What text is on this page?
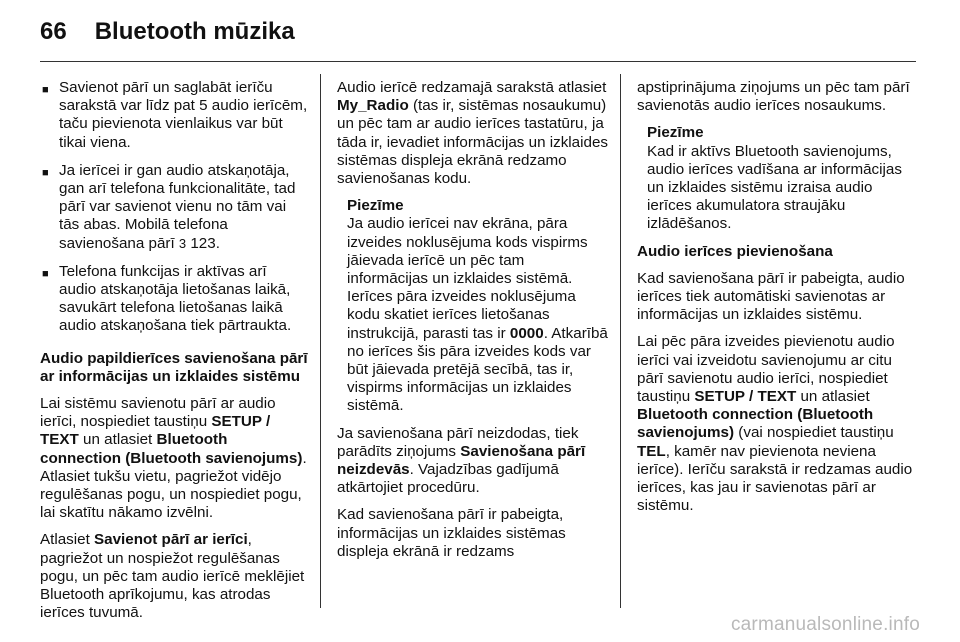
66 Bluetooth mūzika
■ Savienot pārī un saglabāt ierīču sarakstā var līdz pat 5 audio ierīcēm, taču pievienota vienlaikus var būt tikai viena.
■ Ja ierīcei ir gan audio atskaņotāja, gan arī telefona funkcionalitāte, tad pārī var savienot vienu no tām vai tās abas. Mobilā telefona savienošana pārī 3 123.
■ Telefona funkcijas ir aktīvas arī audio atskaņotāja lietošanas laikā, savukārt telefona lietošanas laikā audio atskaņošana tiek pārtraukta.

Audio papildierīces savienošana pārī ar informācijas un izklaides sistēmu

Lai sistēmu savienotu pārī ar audio ierīci, nospiediet taustiņu SETUP / TEXT un atlasiet Bluetooth connection (Bluetooth savienojums). Atlasiet tukšu vietu, pagriežot vidējo regulēšanas pogu, un nospiediet pogu, lai skatītu nākamo izvēlni.

Atlasiet Savienot pārī ar ierīci, pagriežot un nospiežot regulēšanas pogu, un pēc tam audio ierīcē meklējiet Bluetooth aprīkojumu, kas atrodas ierīces tuvumā.

Audio ierīcē redzamajā sarakstā atlasiet My_Radio (tas ir, sistēmas nosaukumu) un pēc tam ar audio ierīces tastatūru, ja tāda ir, ievadiet informācijas un izklaides sistēmas displeja ekrānā redzamo savienošanas kodu.

Piezīme
Ja audio ierīcei nav ekrāna, pāra izveides noklusējuma kods vispirms jāievada ierīcē un pēc tam informācijas un izklaides sistēmā. Ierīces pāra izveides noklusējuma kodu skatiet ierīces lietošanas instrukcijā, parasti tas ir 0000. Atkarībā no ierīces šis pāra izveides kods var būt jāievada pretējā secībā, tas ir, vispirms informācijas un izklaides sistēmā.

Ja savienošana pārī neizdodas, tiek parādīts ziņojums Savienošana pārī neizdevās. Vajadzības gadījumā atkārtojiet procedūru.

Kad savienošana pārī ir pabeigta, informācijas un izklaides sistēmas displeja ekrānā ir redzams

apstiprinājuma ziņojums un pēc tam pārī savienotās audio ierīces nosaukums.

Piezīme
Kad ir aktīvs Bluetooth savienojums, audio ierīces vadīšana ar informācijas un izklaides sistēmu izraisa audio ierīces akumulatora straujāku izlādēšanos.

Audio ierīces pievienošana

Kad savienošana pārī ir pabeigta, audio ierīces tiek automātiski savienotas ar informācijas un izklaides sistēmu.

Lai pēc pāra izveides pievienotu audio ierīci vai izveidotu savienojumu ar citu pārī savienotu audio ierīci, nospiediet taustiņu SETUP / TEXT un atlasiet Bluetooth connection (Bluetooth savienojums) (vai nospiediet taustiņu TEL, kamēr nav pievienota neviena ierīce). Ierīču sarakstā ir redzamas audio ierīces, kas jau ir savienotas pārī ar sistēmu.

carmanualsonline.info
